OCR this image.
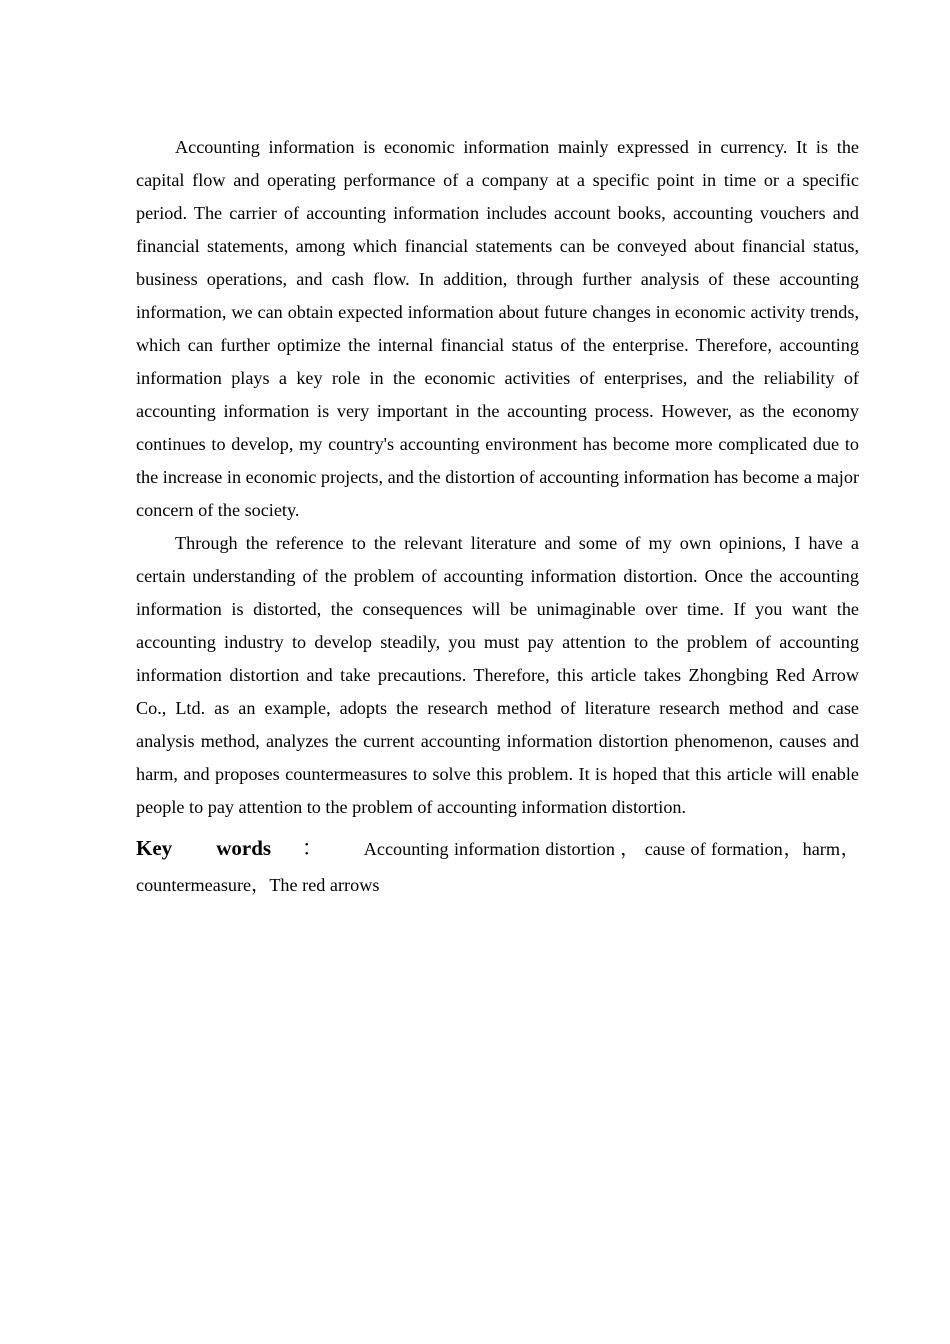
Accounting information is economic information mainly expressed in currency. It is the capital flow and operating performance of a company at a specific point in time or a specific period. The carrier of accounting information includes account books, accounting vouchers and financial statements, among which financial statements can be conveyed about financial status, business operations, and cash flow. In addition, through further analysis of these accounting information, we can obtain expected information about future changes in economic activity trends, which can further optimize the internal financial status of the enterprise. Therefore, accounting information plays a key role in the economic activities of enterprises, and the reliability of accounting information is very important in the accounting process. However, as the economy continues to develop, my country's accounting environment has become more complicated due to the increase in economic projects, and the distortion of accounting information has become a major concern of the society.

Through the reference to the relevant literature and some of my own opinions, I have a certain understanding of the problem of accounting information distortion. Once the accounting information is distorted, the consequences will be unimaginable over time. If you want the accounting industry to develop steadily, you must pay attention to the problem of accounting information distortion and take precautions. Therefore, this article takes Zhongbing Red Arrow Co., Ltd. as an example, adopts the research method of literature research method and case analysis method, analyzes the current accounting information distortion phenomenon, causes and harm, and proposes countermeasures to solve this problem. It is hoped that this article will enable people to pay attention to the problem of accounting information distortion.

Key words ： Accounting information distortion ， cause of formation，harm，countermeasure，The red arrows
